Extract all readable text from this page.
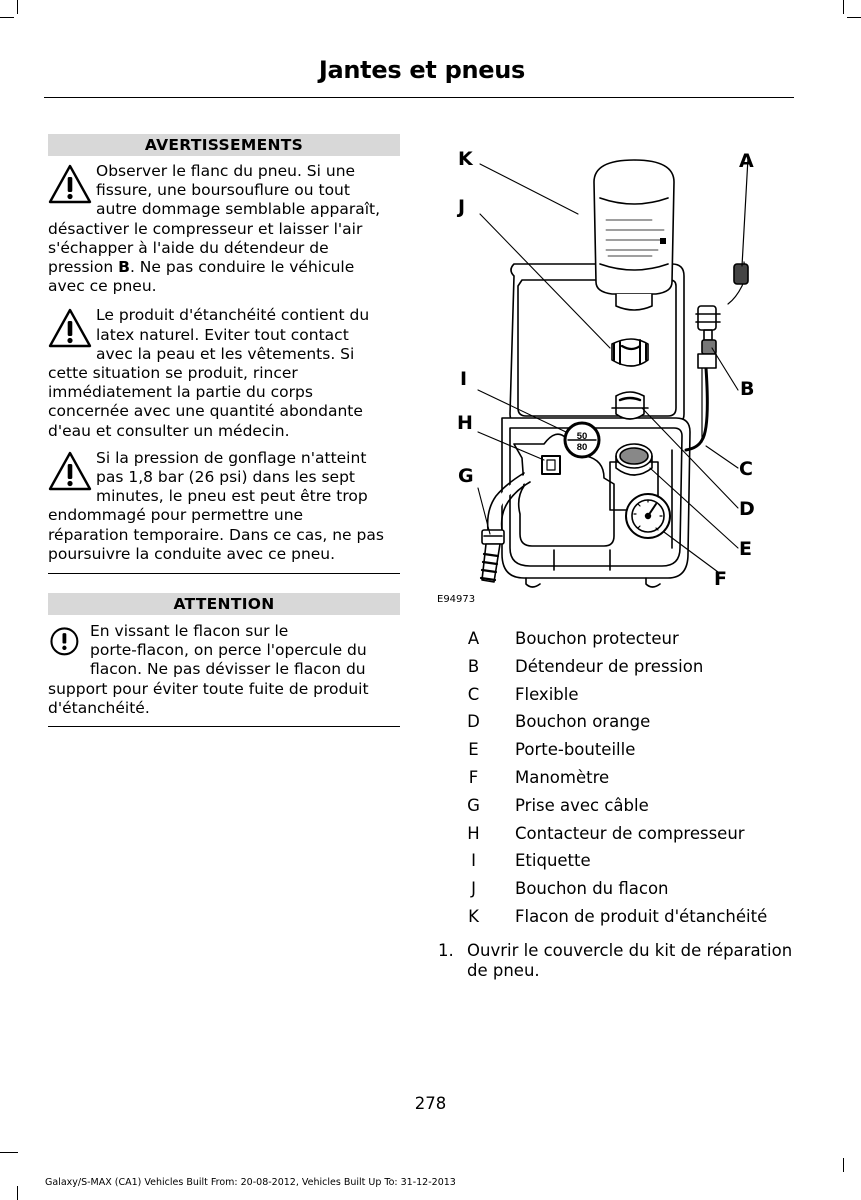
Jantes et pneus
AVERTISSEMENTS

Observer le flanc du pneu. Si une
fissure, une boursouflure ou tout
autre dommage semblable apparaît,
désactiver le compresseur et laisser l'air
s'échapper à l'aide du détendeur de
pression B. Ne pas conduire le véhicule
avec ce pneu.

Le produit d'étanchéité contient du
latex naturel. Eviter tout contact
avec la peau et les vêtements. Si
cette situation se produit, rincer
immédiatement la partie du corps
concernée avec une quantité abondante
d'eau et consulter un médecin.

Si la pression de gonflage n'atteint
pas 1,8 bar (26 psi) dans les sept
minutes, le pneu est peut être trop
endommagé pour permettre une
réparation temporaire. Dans ce cas, ne pas
poursuivre la conduite avec ce pneu.

ATTENTION

En vissant le flacon sur le
porte-flacon, on perce l'opercule du
flacon. Ne pas dévisser le flacon du
support pour éviter toute fuite de produit
d'étanchéité.

50
80
K	A
J
B
I
H
C
G
D
E
F
E94973
A	Bouchon protecteur
B	Détendeur de pression
C	Flexible
D	Bouchon orange
E	Porte-bouteille
F	Manomètre
G	Prise avec câble
H	Contacteur de compresseur
I	Etiquette
J	Bouchon du flacon
K	Flacon de produit d'étanchéité
1. Ouvrir le couvercle du kit de réparation
de pneu.
278
Galaxy/S-MAX (CA1) Vehicles Built From: 20-08-2012, Vehicles Built Up To: 31-12-2013
